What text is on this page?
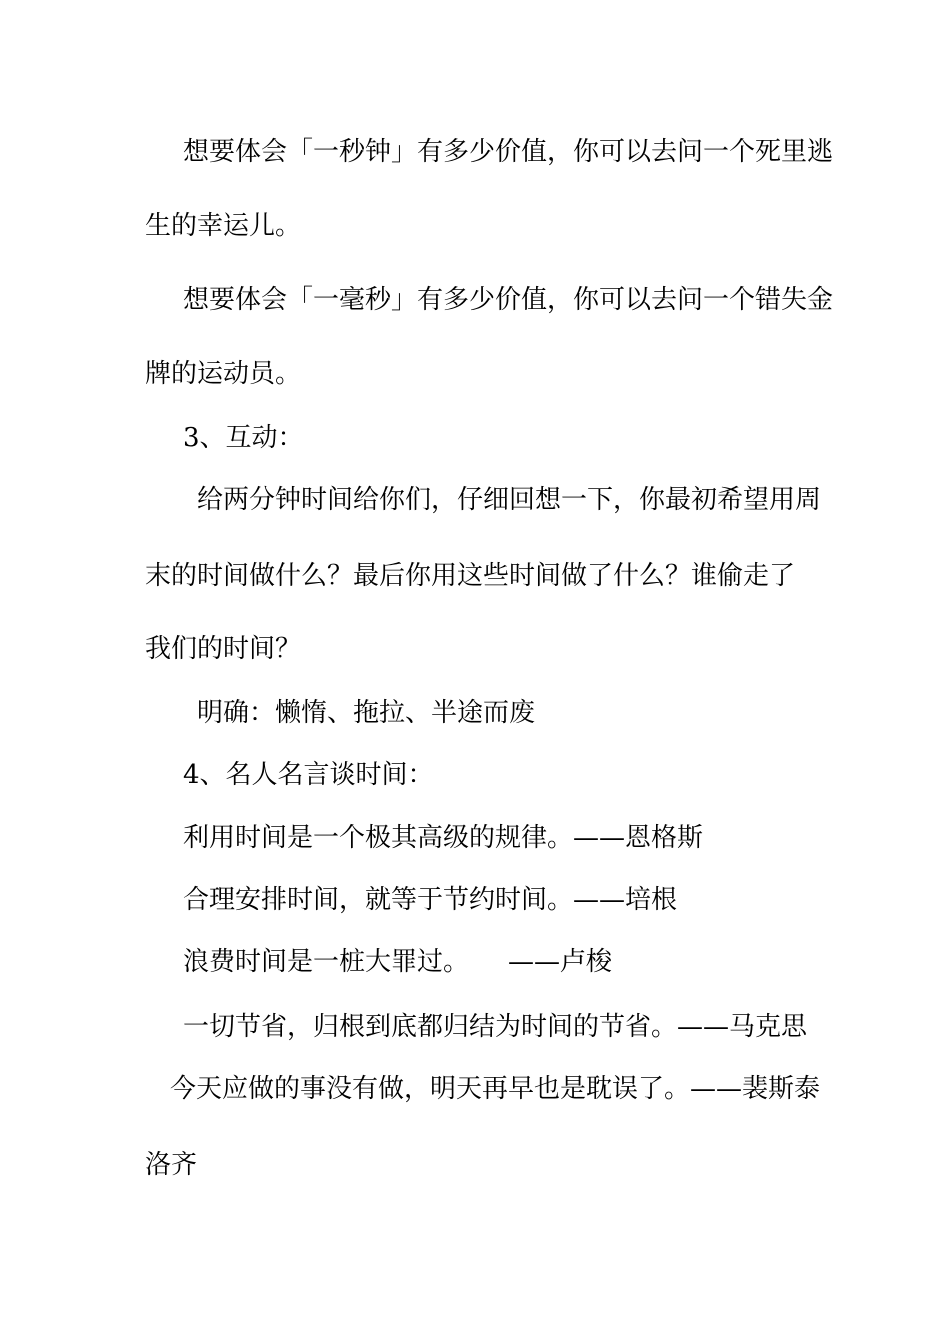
想要体会「一秒钟」有多少价值，你可以去问一个死里逃
生的幸运儿。
想要体会「一毫秒」有多少价值，你可以去问一个错失金
牌的运动员。
3、互动：
给两分钟时间给你们，仔细回想一下，你最初希望用周
末的时间做什么？最后你用这些时间做了什么？谁偷走了
我们的时间？
明确：懒惰、拖拉、半途而废
4、名人名言谈时间：
利用时间是一个极其高级的规律。——恩格斯
合理安排时间，就等于节约时间。——培根
浪费时间是一桩大罪过。　　——卢梭
一切节省，归根到底都归结为时间的节省。——马克思
今天应做的事没有做，明天再早也是耽误了。——裴斯泰
洛齐
